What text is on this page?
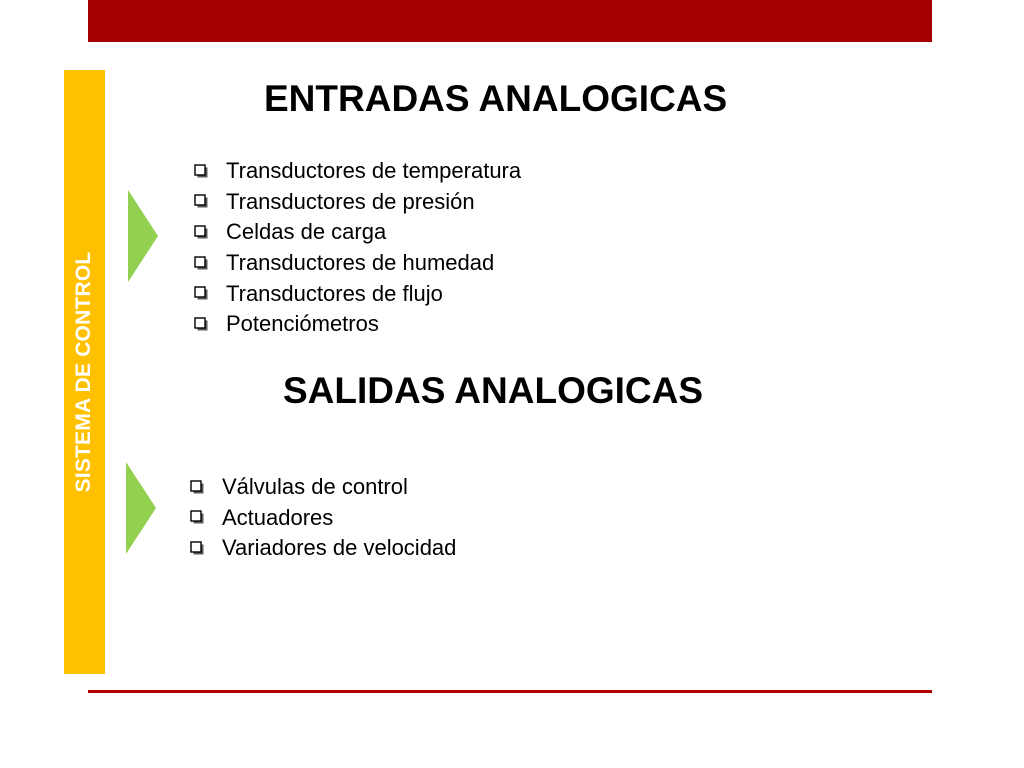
SISTEMA DE CONTROL
ENTRADAS ANALOGICAS
Transductores de temperatura
Transductores de presión
Celdas de carga
Transductores de humedad
Transductores de flujo
Potenciómetros
SALIDAS ANALOGICAS
Válvulas de control
Actuadores
Variadores de velocidad
